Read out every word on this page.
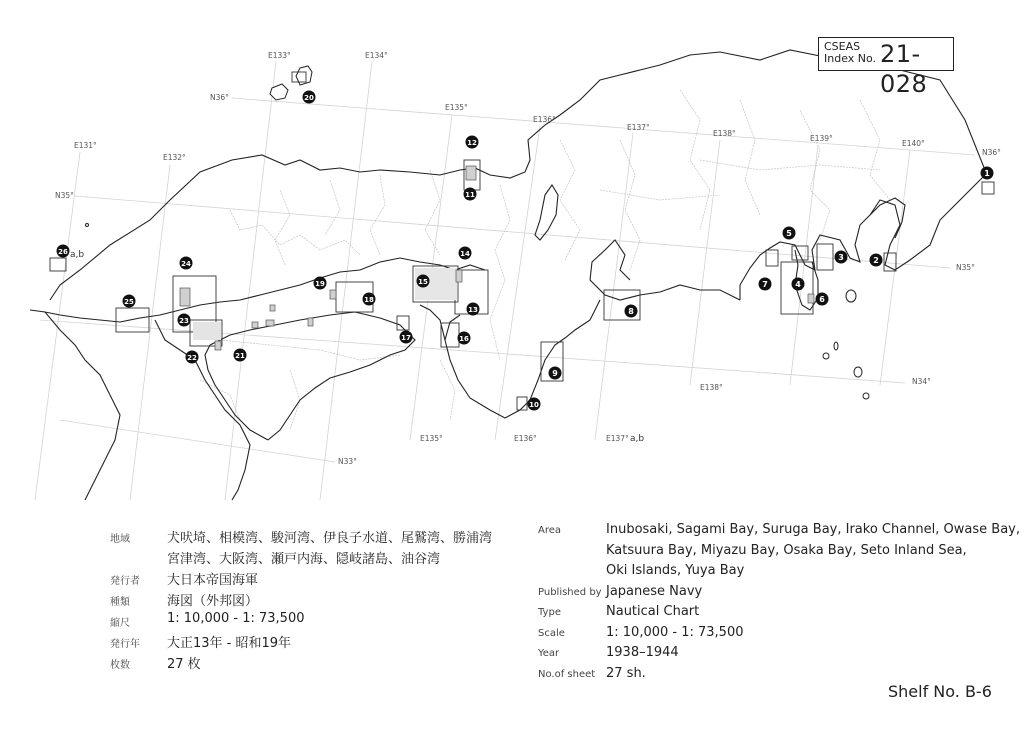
E131°
E132°
E133°	E134°
E135°
E136°
E137°
E138°
E139°
E140°
E135°	E136°	E137°
E138°
N36°
N35°
N36°
N35°
N34°
N33°
a,b
a,b
1
2
3
4
5
6
7
8
9
10
11
12
13
14
15
16
17
18
19
20
21
22
23
24
25
26
CSEAS
Index No. 21-028
地域	犬吠埼、相模湾、駿河湾、伊良子水道、尾鷲湾、勝浦湾
宮津湾、大阪湾、瀬戸内海、隠岐諸島、油谷湾
発行者 大日本帝国海軍
種類	海図（外邦図）
縮尺	1: 10,000 - 1: 73,500
発行年 大正13年 - 昭和19年
枚数	27 枚
Area	Inubosaki, Sagami Bay, Suruga Bay, Irako Channel, Owase Bay,
Katsuura Bay, Miyazu Bay, Osaka Bay, Seto Inland Sea,
Oki Islands, Yuya Bay
Published by Japanese Navy
Type	Nautical Chart
Scale	1: 10,000 - 1: 73,500
Year	1938–1944
No.of sheet 27 sh.
Shelf No. B-6
